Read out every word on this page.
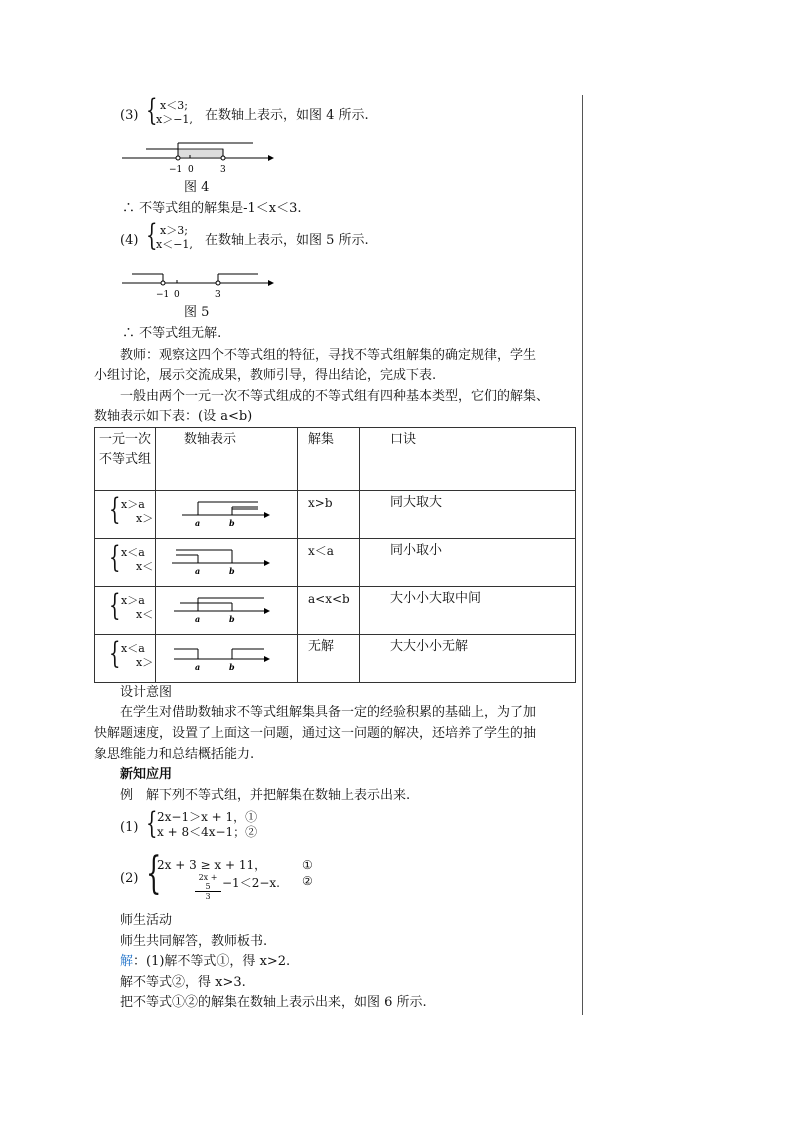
(3) { x＜3;
x＞−1, 在数轴上表示，如图 4 所示.
−1 0	3
图 4
∴ 不等式组的解集是-1＜x＜3.
(4) { x＞3;
x＜−1, 在数轴上表示，如图 5 所示.
−1 0	3
图 5
∴ 不等式组无解.
教师：观察这四个不等式组的特征，寻找不等式组解集的确定规律，学生
小组讨论，展示交流成果，教师引导，得出结论，完成下表.
一般由两个一元一次不等式组成的不等式组有四种基本类型，它们的解集、
数轴表示如下表：(设 a<b)
一元一次　不等式组	数轴表示	解集	口诀

{ x＞a
x＞	a b	x>b	同大取大

{ x＜a
x＜	a b	x＜a	同小取小

{ x＞a
x＜	a b	a<x<b	大小小大取中间

{ x＜a
x＞	a b	无解	大大小小无解
设计意图
在学生对借助数轴求不等式组解集具备一定的经验积累的基础上，为了加
快解题速度，设置了上面这一问题，通过这一问题的解决，还培养了学生的抽
象思维能力和总结概括能力.
新知应用
例　解下列不等式组，并把解集在数轴上表示出来.
(1) { 2x−1＞x + 1，①
x + 8＜4x−1；②
(2) {
2x + 3 ≥ x + 11，
$\frac{2x + 5}{3} -1<2-x$.
①
②
师生活动
师生共同解答，教师板书.
解：(1)解不等式①，得 x>2.
解不等式②，得 x>3.
把不等式①②的解集在数轴上表示出来，如图 6 所示.
